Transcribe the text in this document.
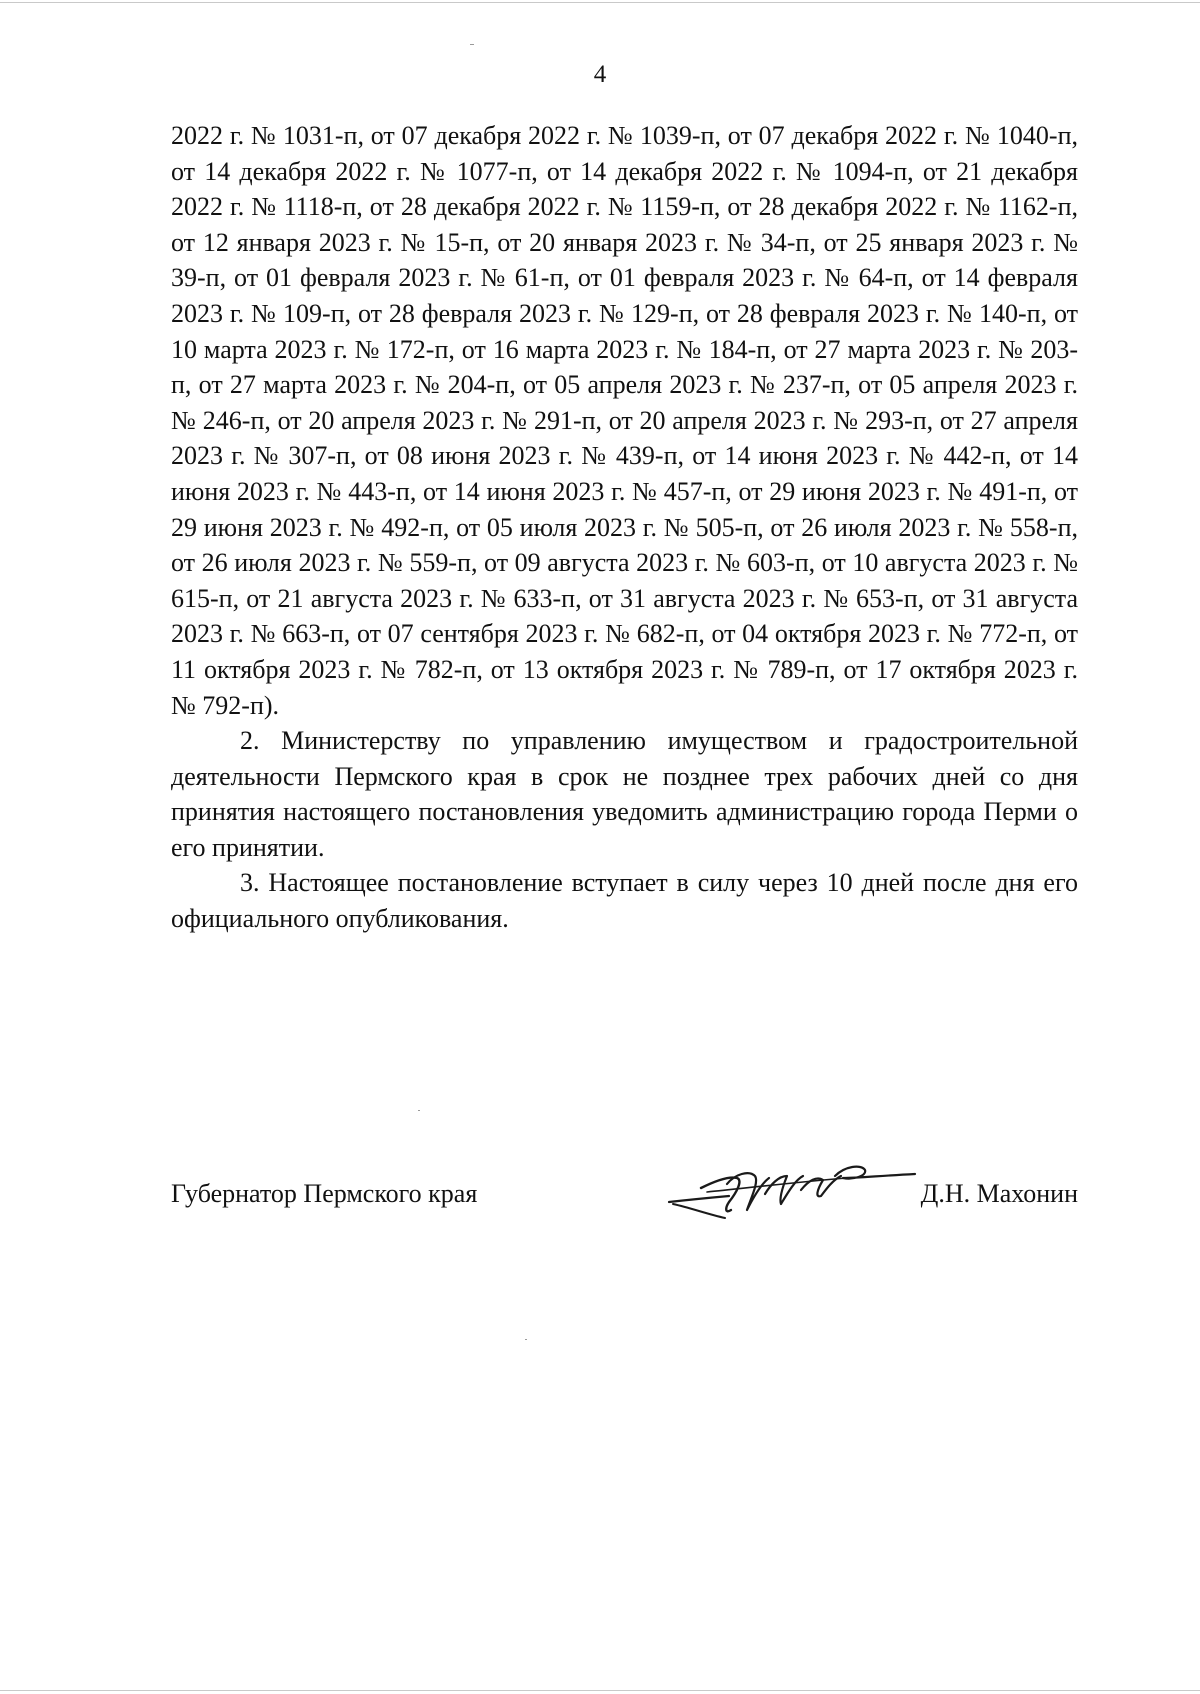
4

2022 г. № 1031-п, от 07 декабря 2022 г. № 1039-п, от 07 декабря 2022 г. № 1040-п, от 14 декабря 2022 г. № 1077-п, от 14 декабря 2022 г. № 1094-п, от 21 декабря 2022 г. № 1118-п, от 28 декабря 2022 г. № 1159-п, от 28 декабря 2022 г. № 1162-п, от 12 января 2023 г. № 15-п, от 20 января 2023 г. № 34-п, от 25 января 2023 г. № 39-п, от 01 февраля 2023 г. № 61-п, от 01 февраля 2023 г. № 64-п, от 14 февраля 2023 г. № 109-п, от 28 февраля 2023 г. № 129-п, от 28 февраля 2023 г. № 140-п, от 10 марта 2023 г. № 172-п, от 16 марта 2023 г. № 184-п, от 27 марта 2023 г. № 203-п, от 27 марта 2023 г. № 204-п, от 05 апреля 2023 г. № 237-п, от 05 апреля 2023 г. № 246-п, от 20 апреля 2023 г. № 291-п, от 20 апреля 2023 г. № 293-п, от 27 апреля 2023 г. № 307-п, от 08 июня 2023 г. № 439-п, от 14 июня 2023 г. № 442-п, от 14 июня 2023 г. № 443-п, от 14 июня 2023 г. № 457-п, от 29 июня 2023 г. № 491-п, от 29 июня 2023 г. № 492-п, от 05 июля 2023 г. № 505-п, от 26 июля 2023 г. № 558-п, от 26 июля 2023 г. № 559-п, от 09 августа 2023 г. № 603-п, от 10 августа 2023 г. № 615-п, от 21 августа 2023 г. № 633-п, от 31 августа 2023 г. № 653-п, от 31 августа 2023 г. № 663-п, от 07 сентября 2023 г. № 682-п, от 04 октября 2023 г. № 772-п, от 11 октября 2023 г. № 782-п, от 13 октября 2023 г. № 789-п, от 17 октября 2023 г. № 792-п).

2. Министерству по управлению имуществом и градостроительной деятельности Пермского края в срок не позднее трех рабочих дней со дня принятия настоящего постановления уведомить администрацию города Перми о его принятии.

3. Настоящее постановление вступает в силу через 10 дней после дня его официального опубликования.

Губернатор Пермского края	Д.Н. Махонин
